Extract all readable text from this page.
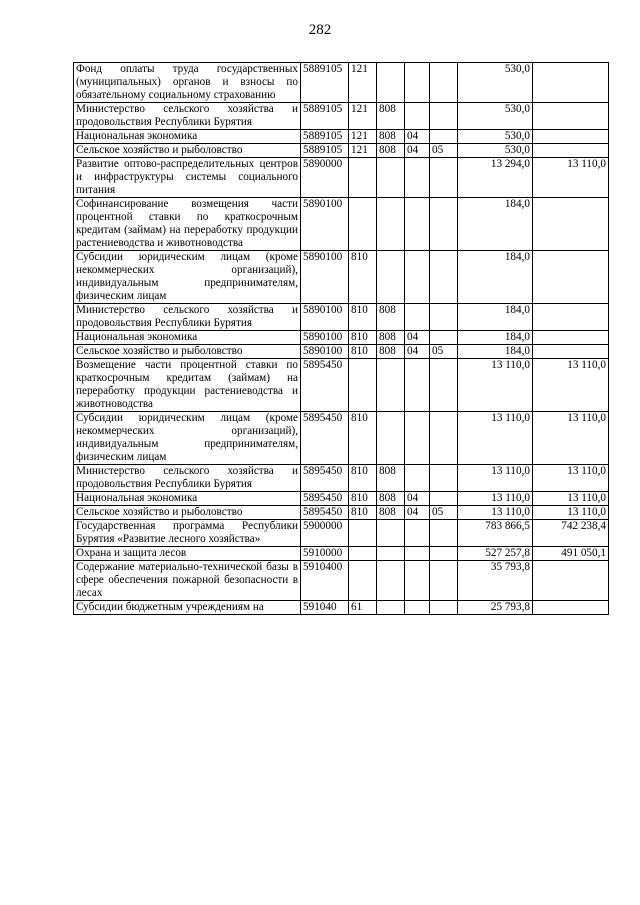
282
Фонд оплаты труда государственных (муниципальных) органов и взносы по обязательному социальному страхованию	5889105	121				530,0	
Министерство сельского хозяйства и продовольствия Республики Бурятия	5889105	121	808			530,0	
Национальная экономика	5889105	121	808	04		530,0	
Сельское хозяйство и рыболовство	5889105	121	808	04	05	530,0	
Развитие оптово-распределительных центров и инфраструктуры системы социального питания	5890000					13 294,0	13 110,0
Софинансирование возмещения части процентной ставки по краткосрочным кредитам (займам) на переработку продукции растениеводства и животноводства	5890100					184,0	
Субсидии юридическим лицам (кроме некоммерческих организаций), индивидуальным предпринимателям, физическим лицам	5890100	810				184,0	
Министерство сельского хозяйства и продовольствия Республики Бурятия	5890100	810	808			184,0	
Национальная экономика	5890100	810	808	04		184,0	
Сельское хозяйство и рыболовство	5890100	810	808	04	05	184,0	
Возмещение части процентной ставки по краткосрочным кредитам (займам) на переработку продукции растениеводства и животноводства	5895450					13 110,0	13 110,0
Субсидии юридическим лицам (кроме некоммерческих организаций), индивидуальным предпринимателям, физическим лицам	5895450	810				13 110,0	13 110,0
Министерство сельского хозяйства и продовольствия Республики Бурятия	5895450	810	808			13 110,0	13 110,0
Национальная экономика	5895450	810	808	04		13 110,0	13 110,0
Сельское хозяйство и рыболовство	5895450	810	808	04	05	13 110,0	13 110,0
Государственная программа Республики Бурятия «Развитие лесного хозяйства»	5900000					783 866,5	742 238,4
Охрана и защита лесов	5910000					527 257,8	491 050,1
Содержание материально-технической базы в сфере обеспечения пожарной безопасности в лесах	5910400					35 793,8	
Субсидии бюджетным учреждениям на	591040	61				25 793,8	
